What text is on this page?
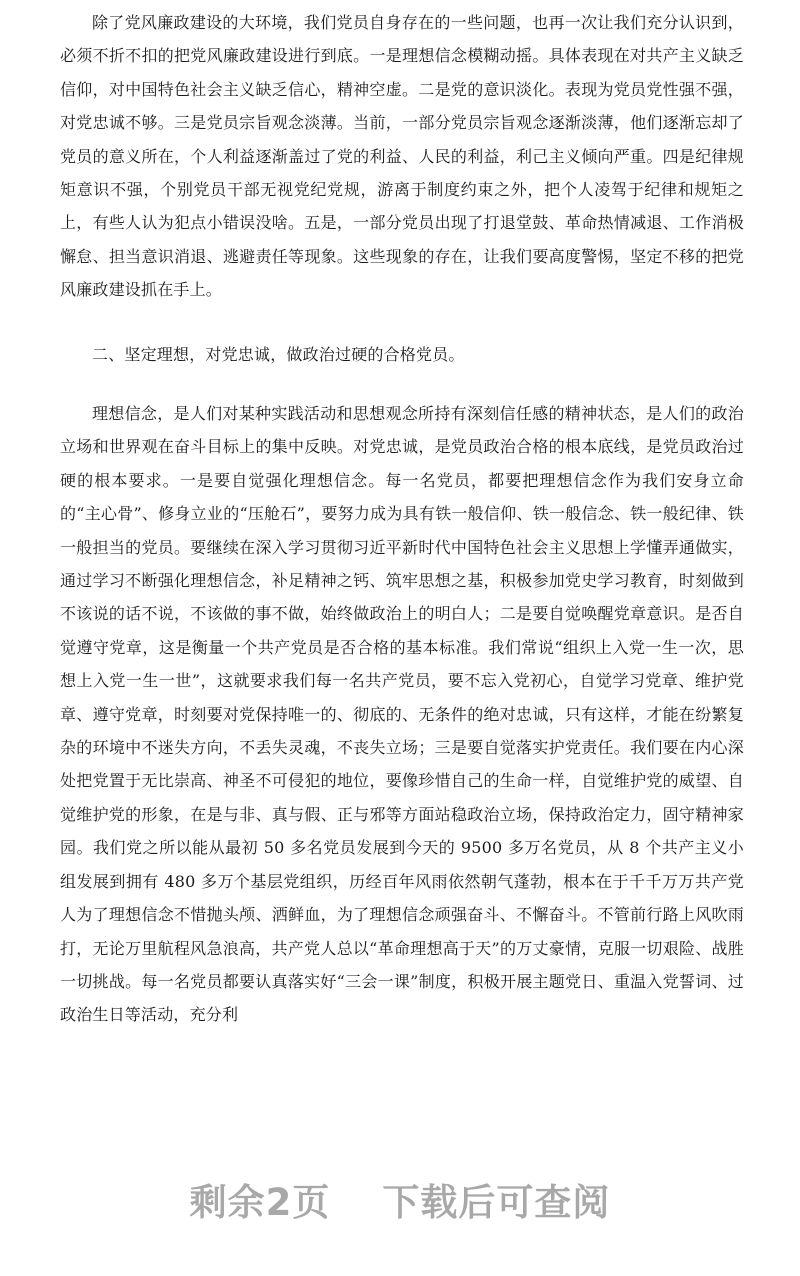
除了党风廉政建设的大环境，我们党员自身存在的一些问题，也再一次让我们充分认识到，必须不折不扣的把党风廉政建设进行到底。一是理想信念模糊动摇。具体表现在对共产主义缺乏信仰，对中国特色社会主义缺乏信心，精神空虚。二是党的意识淡化。表现为党员党性强不强，对党忠诚不够。三是党员宗旨观念淡薄。当前，一部分党员宗旨观念逐渐淡薄，他们逐渐忘却了党员的意义所在，个人利益逐渐盖过了党的利益、人民的利益，利己主义倾向严重。四是纪律规矩意识不强，个别党员干部无视党纪党规，游离于制度约束之外，把个人凌驾于纪律和规矩之上，有些人认为犯点小错误没啥。五是，一部分党员出现了打退堂鼓、革命热情减退、工作消极懈怠、担当意识消退、逃避责任等现象。这些现象的存在，让我们要高度警惕，坚定不移的把党风廉政建设抓在手上。

二、坚定理想，对党忠诚，做政治过硬的合格党员。

理想信念，是人们对某种实践活动和思想观念所持有深刻信任感的精神状态，是人们的政治立场和世界观在奋斗目标上的集中反映。对党忠诚，是党员政治合格的根本底线，是党员政治过硬的根本要求。一是要自觉强化理想信念。每一名党员，都要把理想信念作为我们安身立命的“主心骨”、修身立业的“压舱石”，要努力成为具有铁一般信仰、铁一般信念、铁一般纪律、铁一般担当的党员。要继续在深入学习贯彻习近平新时代中国特色社会主义思想上学懂弄通做实，通过学习不断强化理想信念，补足精神之钙、筑牢思想之基，积极参加党史学习教育，时刻做到不该说的话不说，不该做的事不做，始终做政治上的明白人；二是要自觉唤醒党章意识。是否自觉遵守党章，这是衡量一个共产党员是否合格的基本标准。我们常说“组织上入党一生一次，思想上入党一生一世”，这就要求我们每一名共产党员，要不忘入党初心，自觉学习党章、维护党章、遵守党章，时刻要对党保持唯一的、彻底的、无条件的绝对忠诚，只有这样，才能在纷繁复杂的环境中不迷失方向，不丢失灵魂，不丧失立场；三是要自觉落实护党责任。我们要在内心深处把党置于无比崇高、神圣不可侵犯的地位，要像珍惜自己的生命一样，自觉维护党的威望、自觉维护党的形象，在是与非、真与假、正与邪等方面站稳政治立场，保持政治定力，固守精神家园。我们党之所以能从最初 50 多名党员发展到今天的 9500 多万名党员，从 8 个共产主义小组发展到拥有 480 多万个基层党组织，历经百年风雨依然朝气蓬勃，根本在于千千万万共产党人为了理想信念不惜抛头颅、洒鲜血，为了理想信念顽强奋斗、不懈奋斗。不管前行路上风吹雨打，无论万里航程风急浪高，共产党人总以“革命理想高于天”的万丈豪情，克服一切艰险、战胜一切挑战。每一名党员都要认真落实好“三会一课”制度，积极开展主题党日、重温入党誓词、过政治生日等活动，充分利

剩余2页 下载后可查阅
